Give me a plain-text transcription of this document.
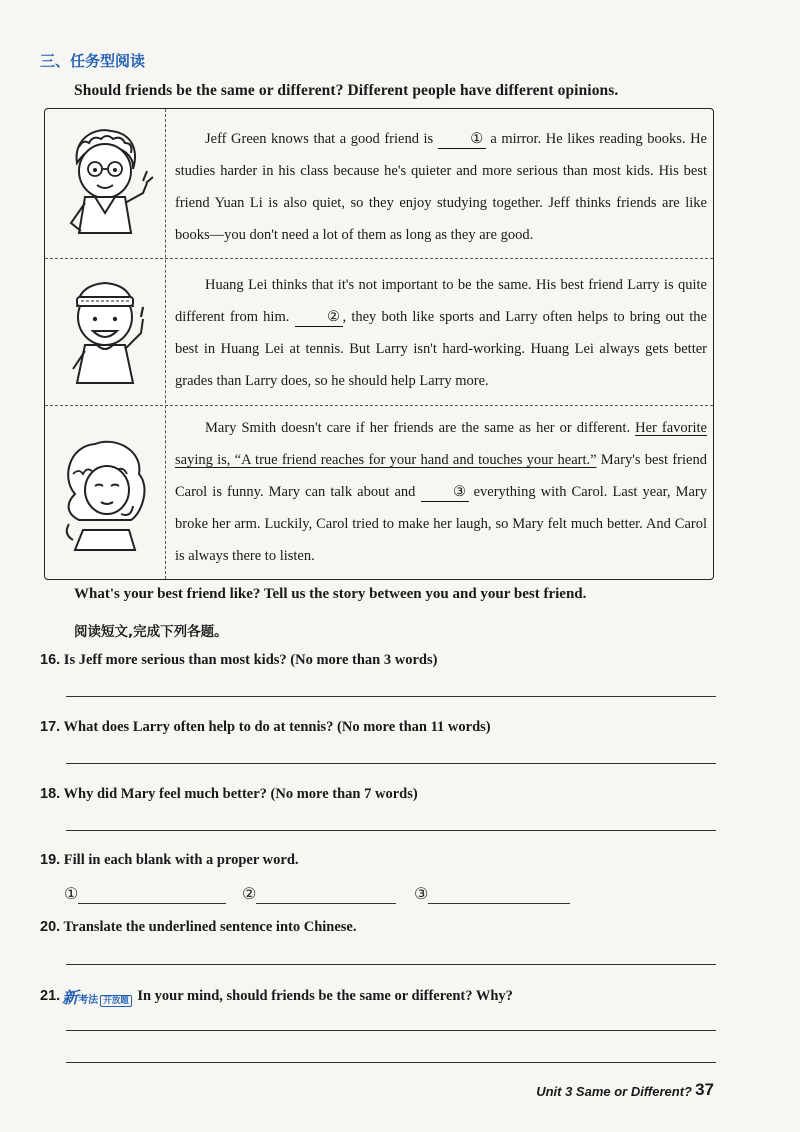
三、任务型阅读
Should friends be the same or different? Different people have different opinions.

Jeff Green knows that a good friend is ① a mirror. He likes reading books. He studies harder in his class because he's quieter and more serious than most kids. His best friend Yuan Li is also quiet, so they enjoy studying together. Jeff thinks friends are like books—you don't need a lot of them as long as they are good.

Huang Lei thinks that it's not important to be the same. His best friend Larry is quite different from him. ② , they both like sports and Larry often helps to bring out the best in Huang Lei at tennis. But Larry isn't hard-working. Huang Lei always gets better grades than Larry does, so he should help Larry more.

Mary Smith doesn't care if her friends are the same as her or different. Her favorite saying is, “A true friend reaches for your hand and touches your heart.” Mary's best friend Carol is funny. Mary can talk about and ③ everything with Carol. Last year, Mary broke her arm. Luckily, Carol tried to make her laugh, so Mary felt much better. And Carol is always there to listen.

What's your best friend like? Tell us the story between you and your best friend.
阅读短文,完成下列各题。
16. Is Jeff more serious than most kids? (No more than 3 words)
17. What does Larry often help to do at tennis? (No more than 11 words)
18. Why did Mary feel much better? (No more than 7 words)
19. Fill in each blank with a proper word.
①	②	③
20. Translate the underlined sentence into Chinese.
21. 新考法 开放题 In your mind, should friends be the same or different? Why?
Unit 3 Same or Different? 37
